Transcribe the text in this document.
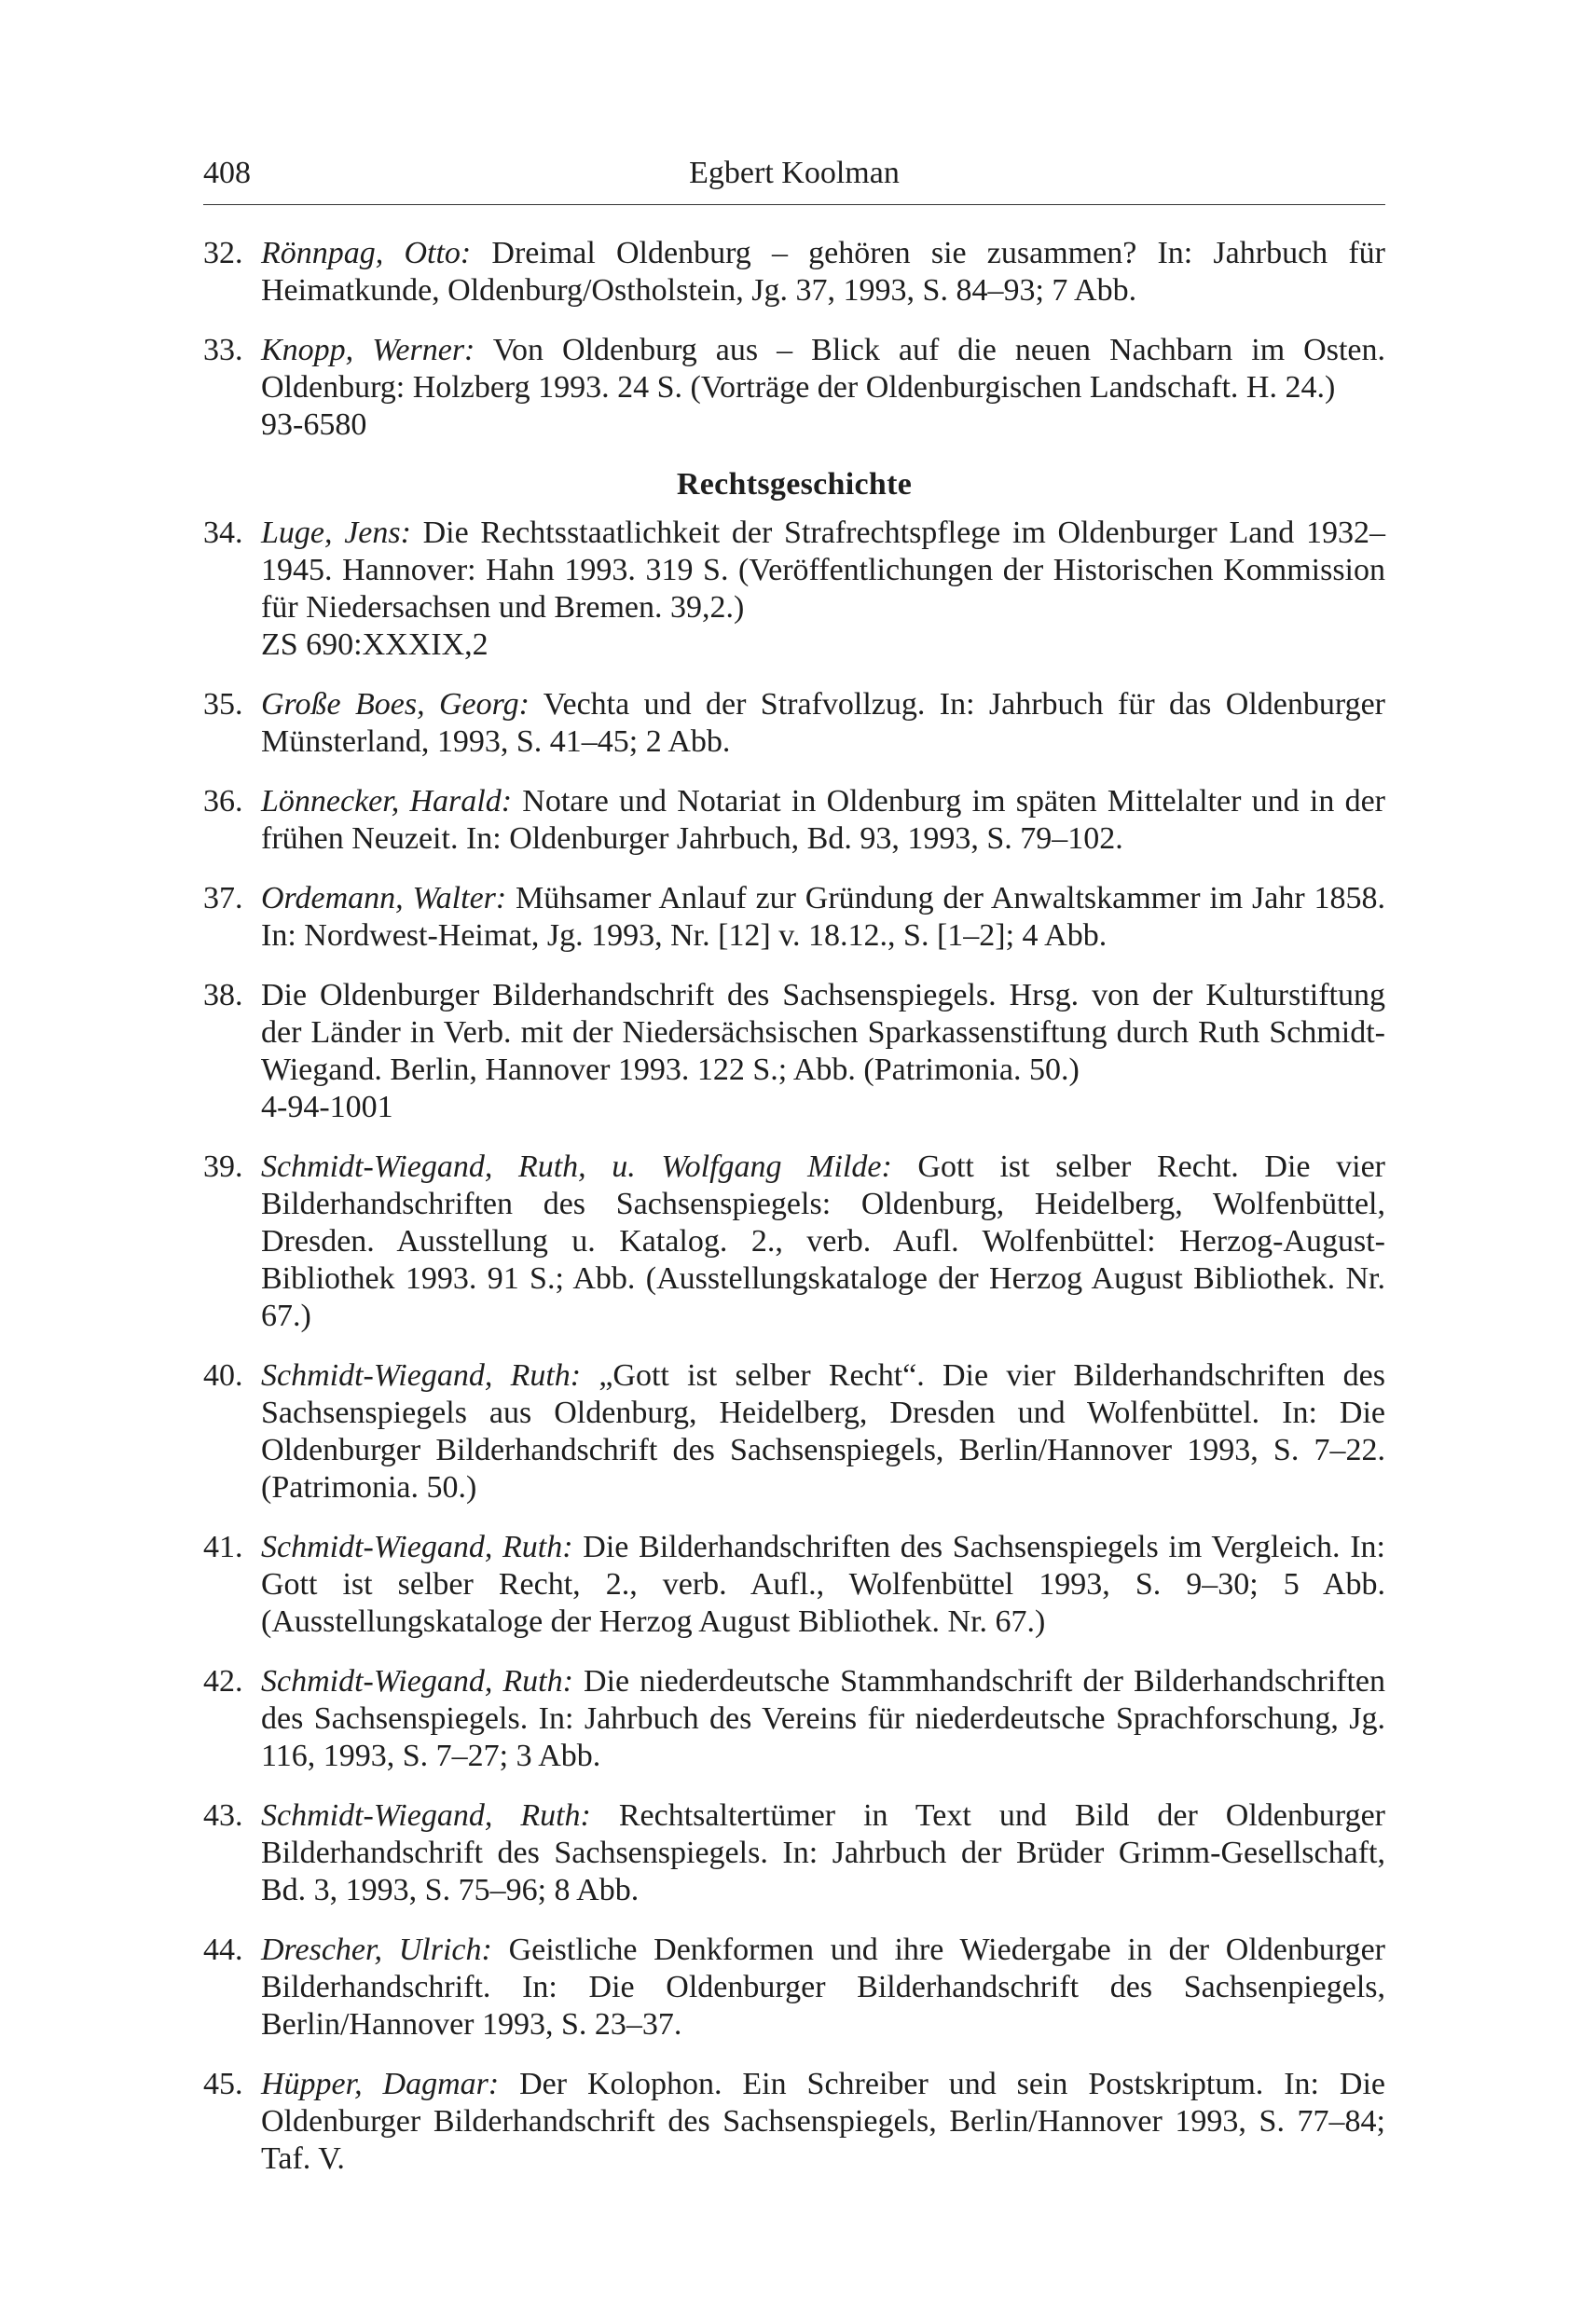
408	Egbert Koolman
32. Rönnpag, Otto: Dreimal Oldenburg – gehören sie zusammen? In: Jahrbuch für Heimatkunde, Oldenburg/Ostholstein, Jg. 37, 1993, S. 84–93; 7 Abb.
33. Knopp, Werner: Von Oldenburg aus – Blick auf die neuen Nachbarn im Osten. Oldenburg: Holzberg 1993. 24 S. (Vorträge der Oldenburgischen Landschaft. H. 24.)
93-6580
Rechtsgeschichte
34. Luge, Jens: Die Rechtsstaatlichkeit der Strafrechtspflege im Oldenburger Land 1932–1945. Hannover: Hahn 1993. 319 S. (Veröffentlichungen der Historischen Kommission für Niedersachsen und Bremen. 39,2.)
ZS 690:XXXIX,2
35. Große Boes, Georg: Vechta und der Strafvollzug. In: Jahrbuch für das Oldenburger Münsterland, 1993, S. 41–45; 2 Abb.
36. Lönnecker, Harald: Notare und Notariat in Oldenburg im späten Mittelalter und in der frühen Neuzeit. In: Oldenburger Jahrbuch, Bd. 93, 1993, S. 79–102.
37. Ordemann, Walter: Mühsamer Anlauf zur Gründung der Anwaltskammer im Jahr 1858. In: Nordwest-Heimat, Jg. 1993, Nr. [12] v. 18.12., S. [1–2]; 4 Abb.
38. Die Oldenburger Bilderhandschrift des Sachsenspiegels. Hrsg. von der Kulturstiftung der Länder in Verb. mit der Niedersächsischen Sparkassenstiftung durch Ruth Schmidt-Wiegand. Berlin, Hannover 1993. 122 S.; Abb. (Patrimonia. 50.)
4-94-1001
39. Schmidt-Wiegand, Ruth, u. Wolfgang Milde: Gott ist selber Recht. Die vier Bilderhandschriften des Sachsenspiegels: Oldenburg, Heidelberg, Wolfenbüttel, Dresden. Ausstellung u. Katalog. 2., verb. Aufl. Wolfenbüttel: Herzog-August-Bibliothek 1993. 91 S.; Abb. (Ausstellungskataloge der Herzog August Bibliothek. Nr. 67.)
40. Schmidt-Wiegand, Ruth: „Gott ist selber Recht“. Die vier Bilderhandschriften des Sachsenspiegels aus Oldenburg, Heidelberg, Dresden und Wolfenbüttel. In: Die Oldenburger Bilderhandschrift des Sachsenspiegels, Berlin/Hannover 1993, S. 7–22. (Patrimonia. 50.)
41. Schmidt-Wiegand, Ruth: Die Bilderhandschriften des Sachsenspiegels im Vergleich. In: Gott ist selber Recht, 2., verb. Aufl., Wolfenbüttel 1993, S. 9–30; 5 Abb. (Ausstellungskataloge der Herzog August Bibliothek. Nr. 67.)
42. Schmidt-Wiegand, Ruth: Die niederdeutsche Stammhandschrift der Bilderhandschriften des Sachsenspiegels. In: Jahrbuch des Vereins für niederdeutsche Sprachforschung, Jg. 116, 1993, S. 7–27; 3 Abb.
43. Schmidt-Wiegand, Ruth: Rechtsaltertümer in Text und Bild der Oldenburger Bilderhandschrift des Sachsenspiegels. In: Jahrbuch der Brüder Grimm-Gesellschaft, Bd. 3, 1993, S. 75–96; 8 Abb.
44. Drescher, Ulrich: Geistliche Denkformen und ihre Wiedergabe in der Oldenburger Bilderhandschrift. In: Die Oldenburger Bilderhandschrift des Sachsenpiegels, Berlin/Hannover 1993, S. 23–37.
45. Hüpper, Dagmar: Der Kolophon. Ein Schreiber und sein Postskriptum. In: Die Oldenburger Bilderhandschrift des Sachsenspiegels, Berlin/Hannover 1993, S. 77–84; Taf. V.
